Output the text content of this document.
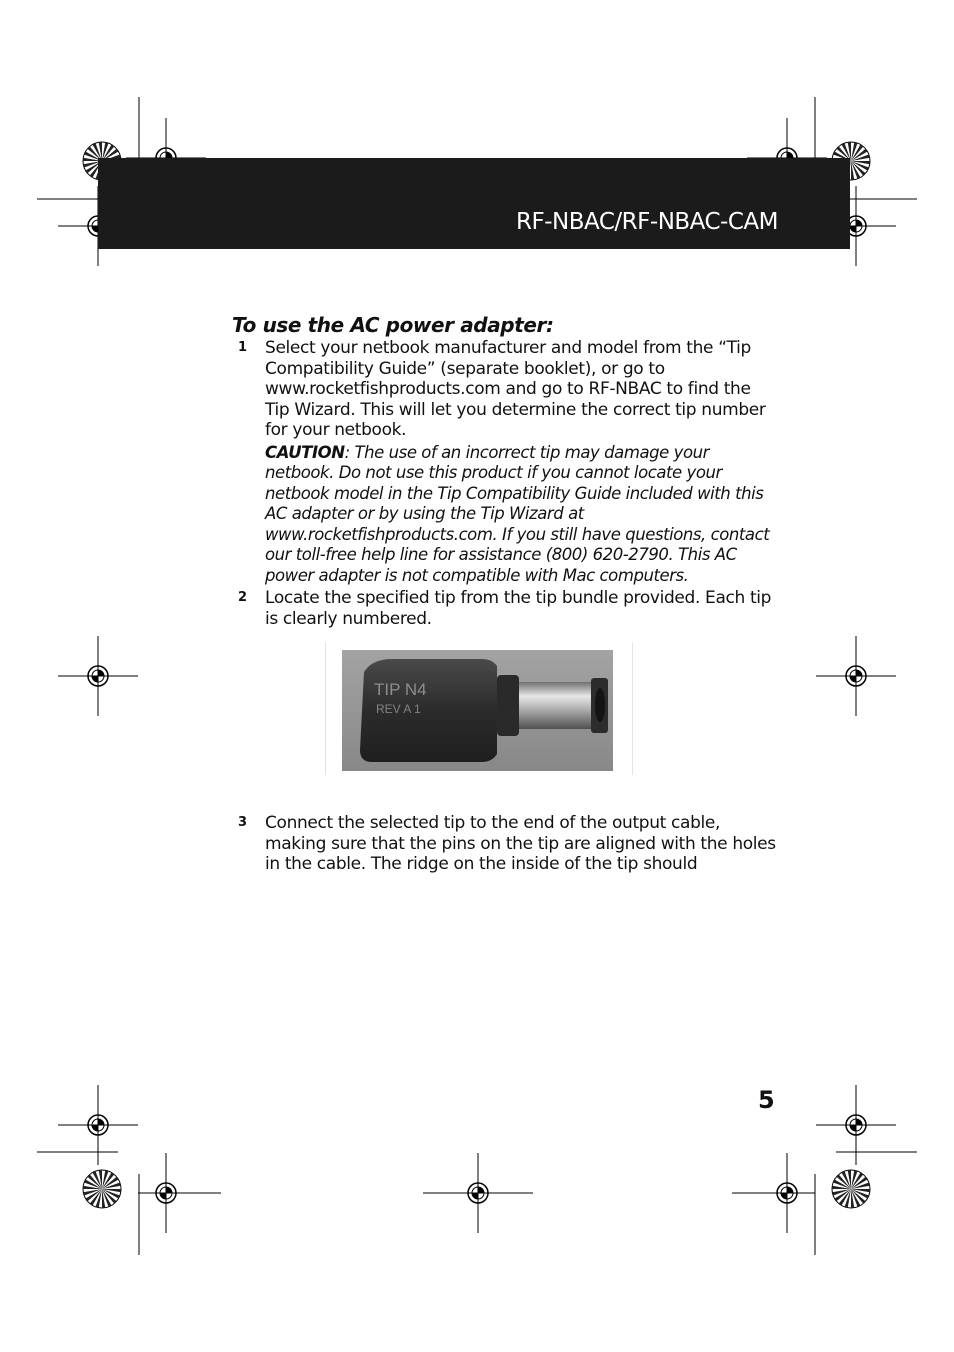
RF-NBAC/RF-NBAC-CAM
To use the AC power adapter:
1 Select your netbook manufacturer and model from the “Tip Compatibility Guide” (separate booklet), or go to www.rocketfishproducts.com and go to RF-NBAC to find the Tip Wizard. This will let you determine the correct tip number for your netbook.

CAUTION: The use of an incorrect tip may damage your netbook. Do not use this product if you cannot locate your netbook model in the Tip Compatibility Guide included with this AC adapter or by using the Tip Wizard at www.rocketfishproducts.com. If you still have questions, contact our toll-free help line for assistance (800) 620-2790. This AC power adapter is not compatible with Mac computers.

2 Locate the specified tip from the tip bundle provided. Each tip is clearly numbered.

TIP N4
REV A 1
3 Connect the selected tip to the end of the output cable, making sure that the pins on the tip are aligned with the holes in the cable. The ridge on the inside of the tip should

5
